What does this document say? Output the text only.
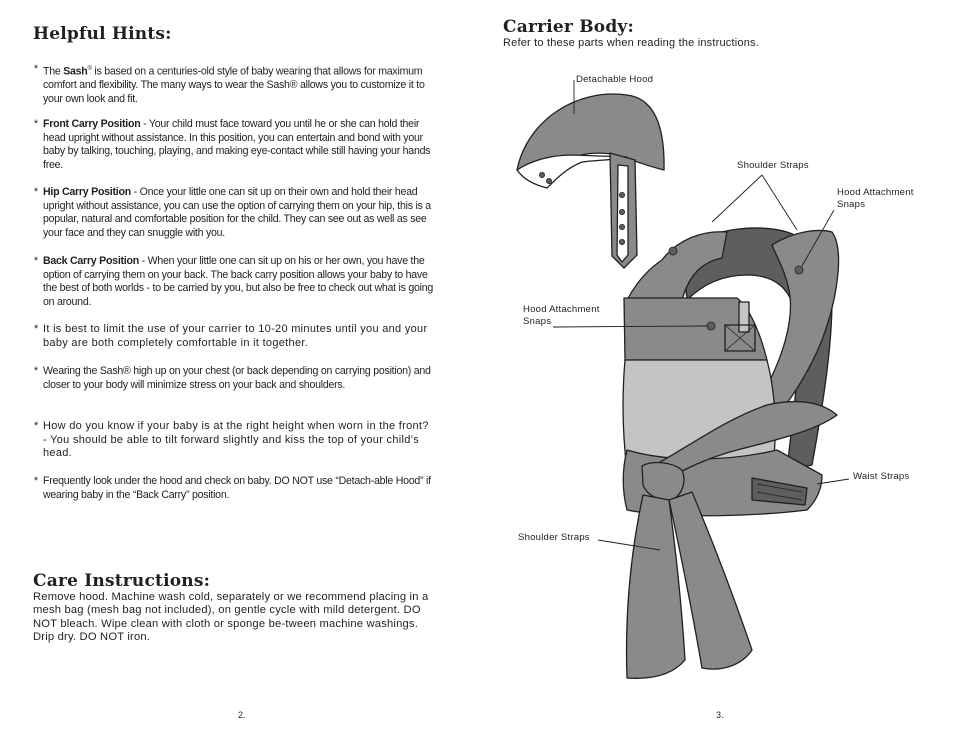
Helpful Hints:
* The Sash® is based on a centuries-old style of baby wearing that allows for maximum comfort and flexibility. The many ways to wear the Sash® allows you to customize it to your own look and fit.
* Front Carry Position - Your child must face toward you until he or she can hold their head upright without assistance. In this position, you can entertain and bond with your baby by talking, touching, playing, and making eye-contact while still having your hands free.
* Hip Carry Position - Once your little one can sit up on their own and hold their head upright without assistance, you can use the option of carrying them on your hip, this is a popular, natural and comfortable position for the child. They can see out as well as see your face and they can snuggle with you.
* Back Carry Position - When your little one can sit up on his or her own, you have the option of carrying them on your back. The back carry position allows your baby to have the best of both worlds - to be carried by you, but also be free to check out what is going on around.
* It is best to limit the use of your carrier to 10-20 minutes until you and your baby are both completely comfortable in it together.
* Wearing the Sash® high up on your chest (or back depending on carrying position) and closer to your body will minimize stress on your back and shoulders.
* How do you know if your baby is at the right height when worn in the front? - You should be able to tilt forward slightly and kiss the top of your child’s head.
* Frequently look under the hood and check on baby. DO NOT use “Detach-able Hood” if wearing baby in the “Back Carry” position.
Care Instructions:
Remove hood. Machine wash cold, separately or we recommend placing in a mesh bag (mesh bag not included), on gentle cycle with mild detergent. DO NOT bleach. Wipe clean with cloth or sponge be-tween machine washings. Drip dry. DO NOT iron.
2.
Carrier Body:
Refer to these parts when reading the instructions.
Detachable Hood
Shoulder Straps
Hood Attachment Snaps
Hood Attachment Snaps
Waist Straps
Shoulder Straps
3.
